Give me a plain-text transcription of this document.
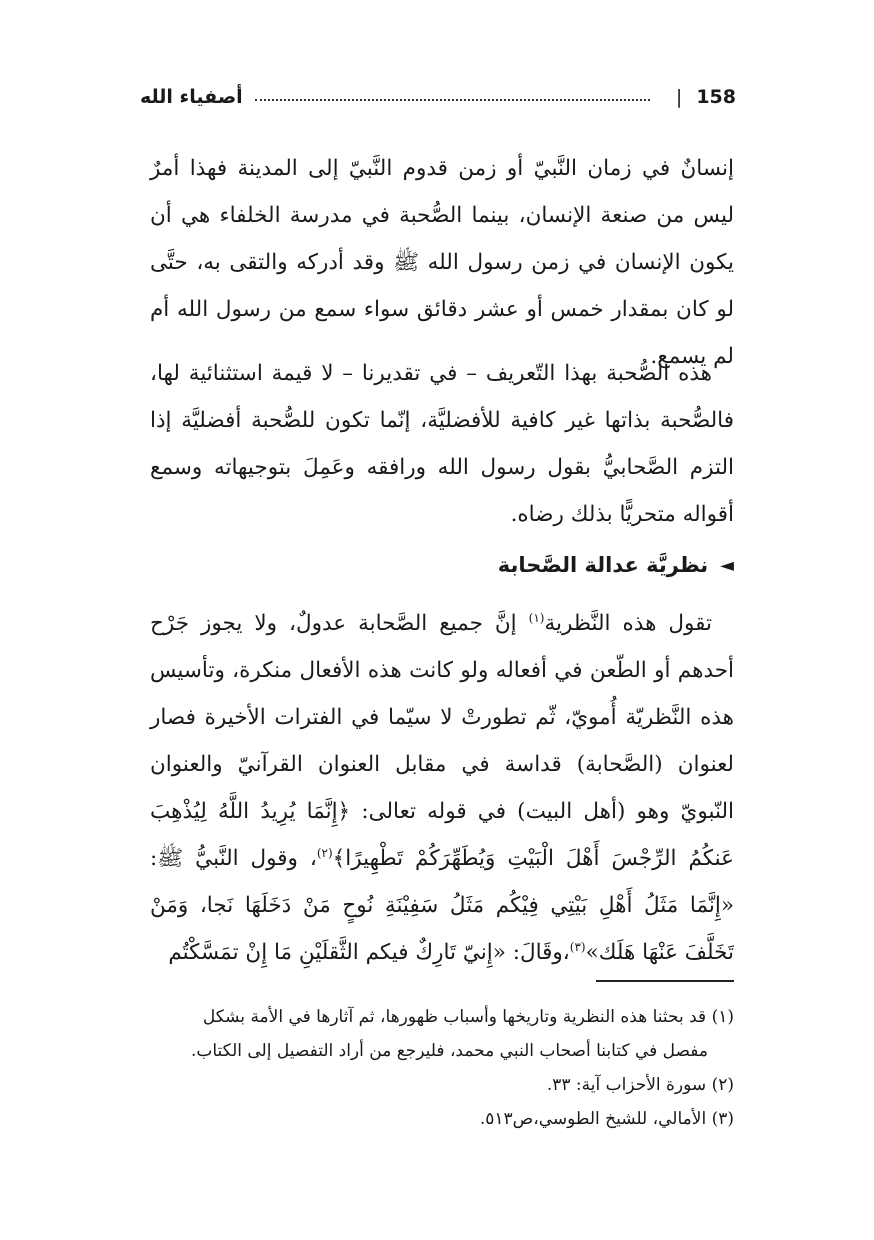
158
|
أصفياء الله

إنسانٌ في زمان النَّبيّ أو زمن قدوم النَّبيّ إلى المدينة فهذا أمرٌ ليس من صنعة الإنسان، بينما الصُّحبة في مدرسة الخلفاء هي أن يكون الإنسان في زمن رسول الله ﷺ وقد أدركه والتقى به، حتَّى لو كان بمقدار خمس أو عشر دقائق سواء سمع من رسول الله أم لم يسمع.

هذه الصُّحبة بهذا التّعريف – في تقديرنا – لا قيمة استثنائية لها، فالصُّحبة بذاتها غير كافية للأفضليَّة، إنّما تكون للصُّحبة أفضليَّة إذا التزم الصَّحابيُّ بقول رسول الله ورافقه وعَمِلَ بتوجيهاته وسمع أقواله متحريًّا بذلك رضاه.

◄
نظريَّة عدالة الصَّحابة

تقول هذه النَّظرية$^{(١)}$ إنَّ جميع الصَّحابة عدولٌ، ولا يجوز جَرْح أحدهم أو الطّعن في أفعاله ولو كانت هذه الأفعال منكرة، وتأسيس هذه النَّظريّة أُمويّ، ثّم تطورتْ لا سيّما في الفترات الأخيرة فصار لعنوان (الصَّحابة) قداسة في مقابل العنوان القرآنيّ والعنوان النّبويّ وهو (أهل البيت) في قوله تعالى: ﴿إِنَّمَا يُرِيدُ اللَّهُ لِيُذْهِبَ عَنكُمُ الرِّجْسَ أَهْلَ الْبَيْتِ وَيُطَهِّرَكُمْ تَطْهِيرًا﴾$^{(٢)}$، وقول النَّبيُّ ﷺ: «إِنَّمَا مَثَلُ أَهْلِ بَيْتِي فِيْكُم مَثَلُ سَفِيْنَةِ نُوحٍ مَنْ دَخَلَهَا نَجا، وَمَنْ تَخَلَّفَ عَنْهَا هَلَك»$^{(٣)}$،وقَالَ: «إِنيّ تَارِكٌ فيكم الثَّقلَيْنِ مَا إِنْ تمَسَّكْتُم

(١) قد بحثنا هذه النظرية وتاريخها وأسباب ظهورها، ثم آثارها في الأمة بشكل

مفصل في كتابنا أصحاب النبي محمد، فليرجع من أراد التفصيل إلى الكتاب.

(٢) سورة الأحزاب آية: ٣٣.

(٣) الأمالي، للشيخ الطوسي،ص٥١٣.
